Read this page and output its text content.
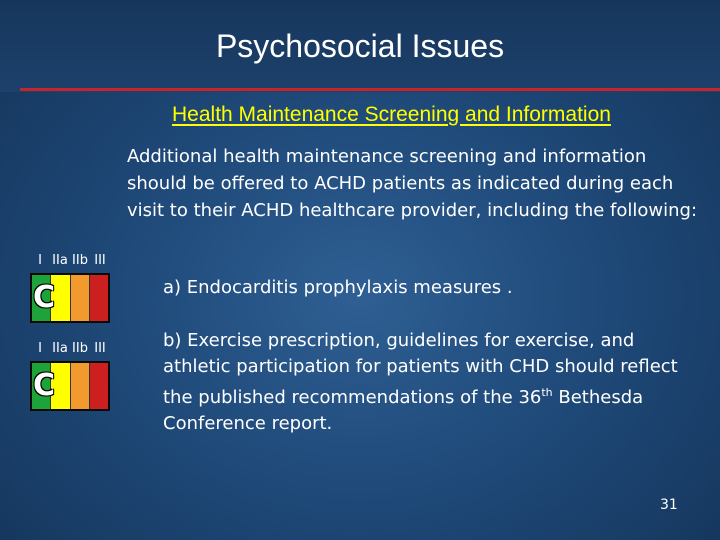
Psychosocial Issues
Health Maintenance Screening and Information
Additional health maintenance screening and information should be offered to ACHD patients as indicated during each visit to their ACHD healthcare provider, including the following:
I IIa IIb III
C	a) Endocarditis prophylaxis measures .
I IIa IIb III
C
b) Exercise prescription, guidelines for exercise, and athletic participation for patients with CHD should reflect the published recommendations of the 36th Bethesda Conference report.
31
